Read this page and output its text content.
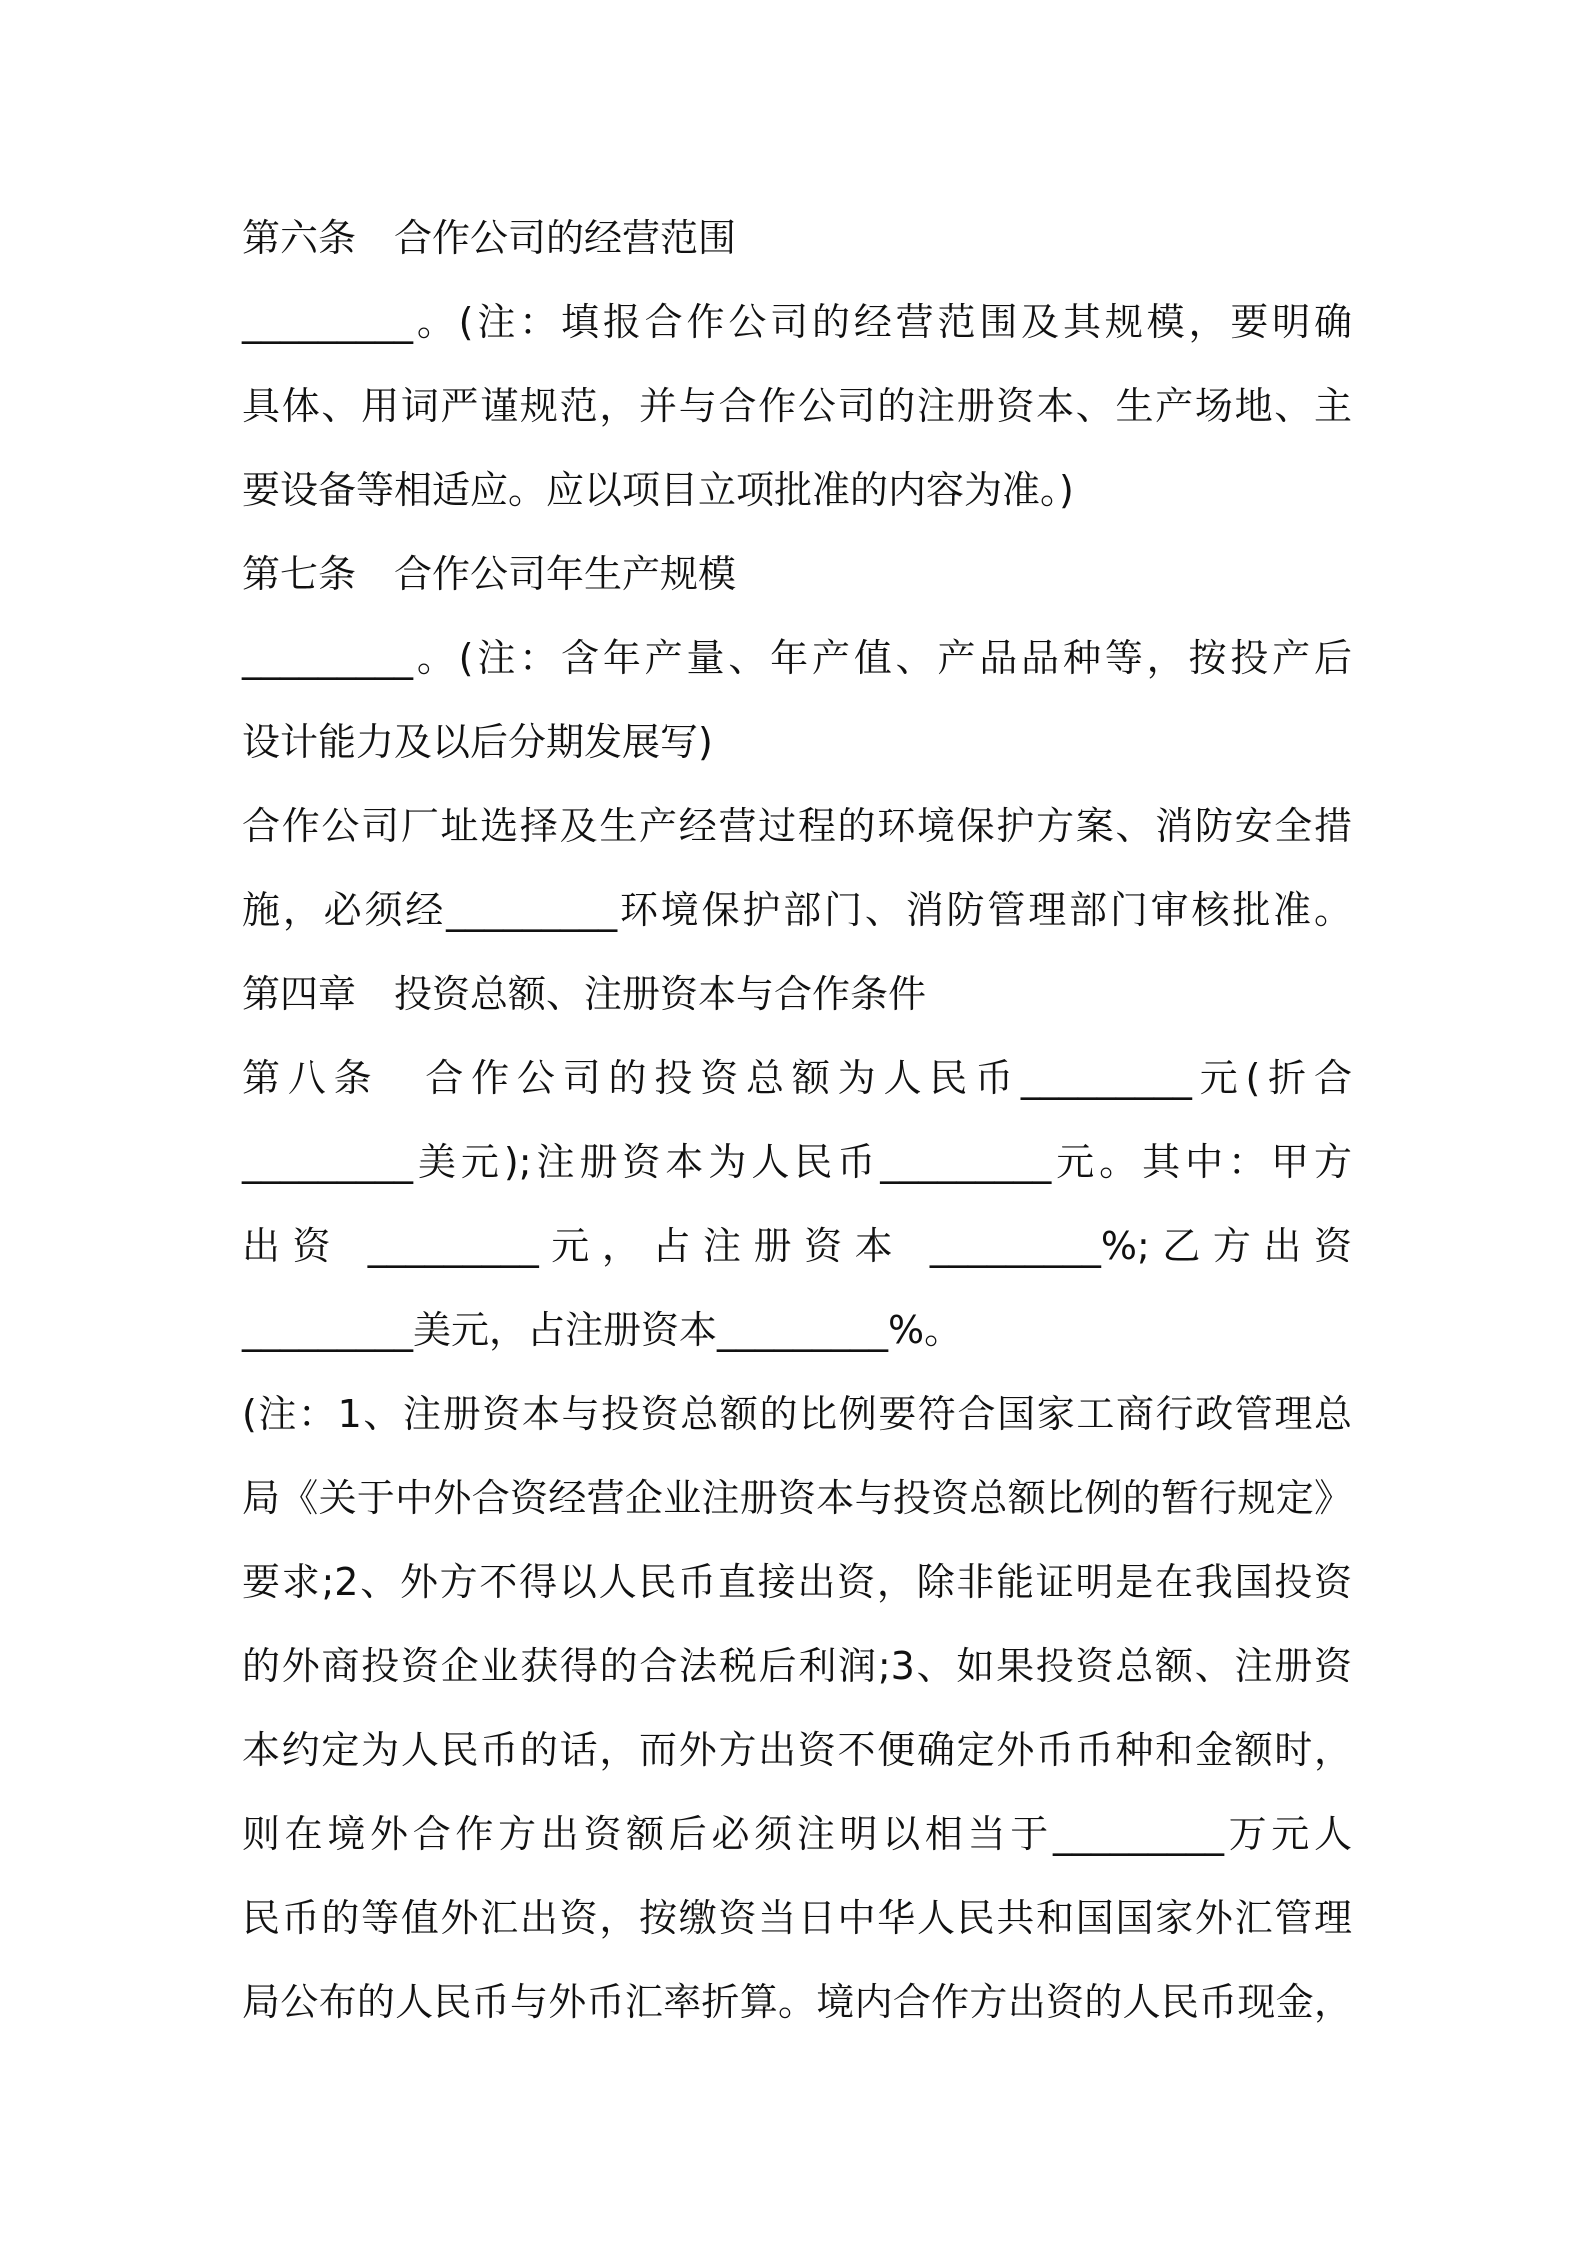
第六条　合作公司的经营范围
_________。(注：填报合作公司的经营范围及其规模，要明确
具体、用词严谨规范，并与合作公司的注册资本、生产场地、主
要设备等相适应。应以项目立项批准的内容为准。)
第七条　合作公司年生产规模
_________。(注：含年产量、年产值、产品品种等，按投产后
设计能力及以后分期发展写)
合作公司厂址选择及生产经营过程的环境保护方案、消防安全措
施，必须经_________环境保护部门、消防管理部门审核批准。
第四章　投资总额、注册资本与合作条件
第八条　合作公司的投资总额为人民币_________元(折合
_________美元);注册资本为人民币_________元。其中：甲方
出资 _________元，占注册资本 _________%;乙方出资
_________美元，占注册资本_________%。
(注：1、注册资本与投资总额的比例要符合国家工商行政管理总
局《关于中外合资经营企业注册资本与投资总额比例的暂行规定》
要求;2、外方不得以人民币直接出资，除非能证明是在我国投资
的外商投资企业获得的合法税后利润;3、如果投资总额、注册资
本约定为人民币的话，而外方出资不便确定外币币种和金额时，
则在境外合作方出资额后必须注明以相当于_________万元人
民币的等值外汇出资，按缴资当日中华人民共和国国家外汇管理
局公布的人民币与外币汇率折算。境内合作方出资的人民币现金，
